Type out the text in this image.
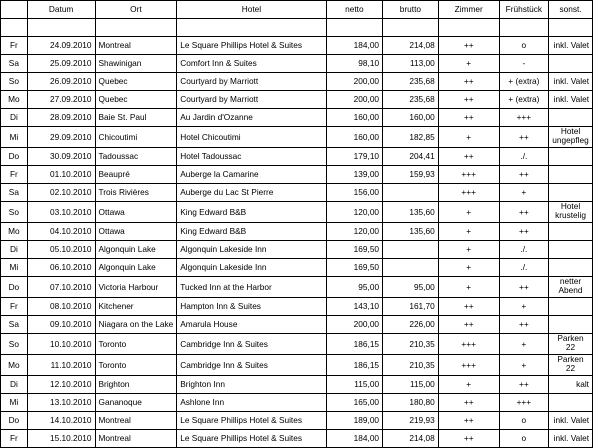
	Datum	Ort	Hotel	netto	brutto	Zimmer	Frühstück	sonst.

Fr	24.09.2010	Montreal	Le Square Phillips Hotel & Suites	184,00	214,08	++	o	inkl. Valet
Sa	25.09.2010	Shawinigan	Comfort Inn & Suites	98,10	113,00	+	-	
So	26.09.2010	Quebec	Courtyard by Marriott	200,00	235,68	++	+ (extra)	inkl. Valet
Mo	27.09.2010	Quebec	Courtyard by Marriott	200,00	235,68	++	+ (extra)	inkl. Valet
Di	28.09.2010	Baie St. Paul	Au Jardin d'Ozanne	160,00	160,00	++	+++	
Mi	29.09.2010	Chicoutimi	Hotel Chicoutimi	160,00	182,85	+	++	Hotel ungepfleg
Do	30.09.2010	Tadoussac	Hotel Tadoussac	179,10	204,41	++	./.	
Fr	01.10.2010	Beaupré	Auberge la Camarine	139,00	159,93	+++	++	
Sa	02.10.2010	Trois Rivières	Auberge du Lac St Pierre	156,00		+++	+	
So	03.10.2010	Ottawa	King Edward B&B	120,00	135,60	+	++	Hotel krustelig
Mo	04.10.2010	Ottawa	King Edward B&B	120,00	135,60	+	++	
Di	05.10.2010	Algonquin Lake	Algonquin Lakeside Inn	169,50		+	./.	
Mi	06.10.2010	Algonquin Lake	Algonquin Lakeside Inn	169,50		+	./.	
Do	07.10.2010	Victoria Harbour	Tucked Inn at the Harbor	95,00	95,00	+	++	netter Abend
Fr	08.10.2010	Kitchener	Hampton Inn & Suites	143,10	161,70	++	+	
Sa	09.10.2010	Niagara on the Lake	Amarula House	200,00	226,00	++	++	
So	10.10.2010	Toronto	Cambridge Inn & Suites	186,15	210,35	+++	+	Parken 22
Mo	11.10.2010	Toronto	Cambridge Inn & Suites	186,15	210,35	+++	+	Parken 22
Di	12.10.2010	Brighton	Brighton Inn	115,00	115,00	+	++	kalt
Mi	13.10.2010	Gananoque	Ashlone Inn	165,00	180,80	++	+++	
Do	14.10.2010	Montreal	Le Square Phillips Hotel & Suites	189,00	219,93	++	o	inkl. Valet
Fr	15.10.2010	Montreal	Le Square Phillips Hotel & Suites	184,00	214,08	++	o	inkl. Valet
